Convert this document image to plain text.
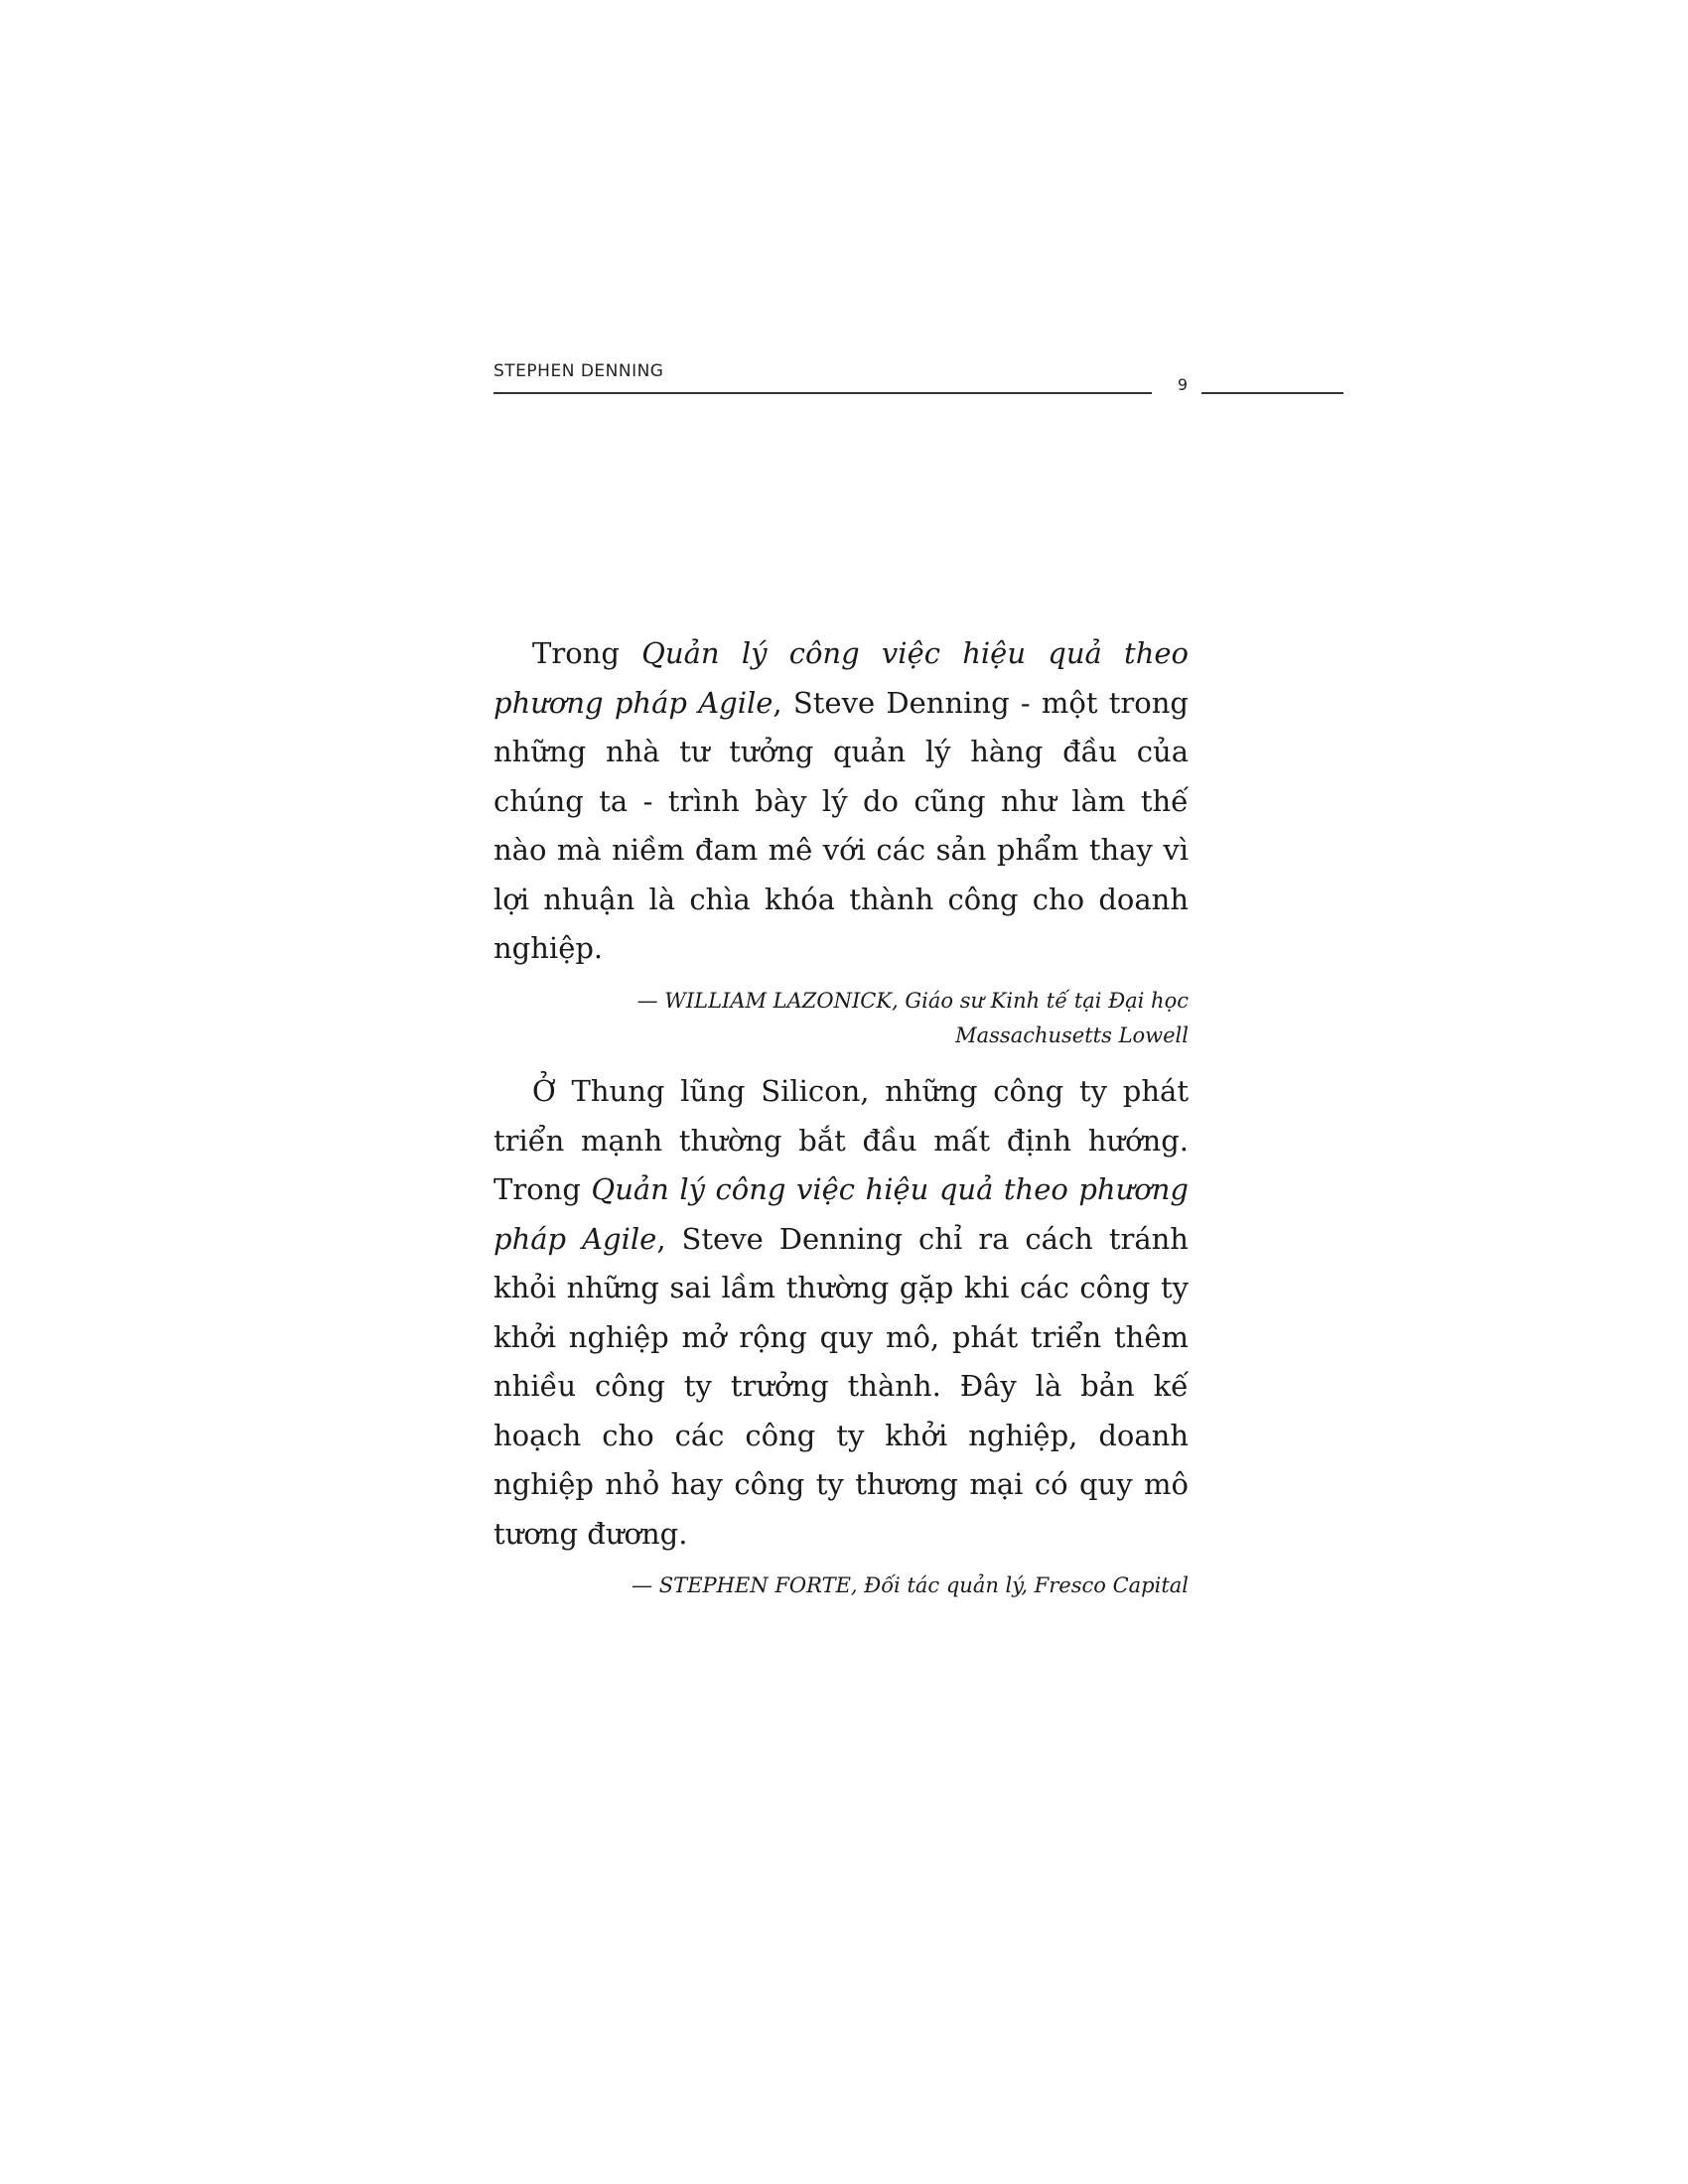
STEPHEN DENNING
9

Trong Quản lý công việc hiệu quả theo phương pháp Agile, Steve Denning - một trong những nhà tư tưởng quản lý hàng đầu của chúng ta - trình bày lý do cũng như làm thế nào mà niềm đam mê với các sản phẩm thay vì lợi nhuận là chìa khóa thành công cho doanh nghiệp.

— WILLIAM LAZONICK, Giáo sư Kinh tế tại Đại học
Massachusetts Lowell

Ở Thung lũng Silicon, những công ty phát triển mạnh thường bắt đầu mất định hướng. Trong Quản lý công việc hiệu quả theo phương pháp Agile, Steve Denning chỉ ra cách tránh khỏi những sai lầm thường gặp khi các công ty khởi nghiệp mở rộng quy mô, phát triển thêm nhiều công ty trưởng thành. Đây là bản kế hoạch cho các công ty khởi nghiệp, doanh nghiệp nhỏ hay công ty thương mại có quy mô tương đương.

— STEPHEN FORTE, Đối tác quản lý, Fresco Capital
